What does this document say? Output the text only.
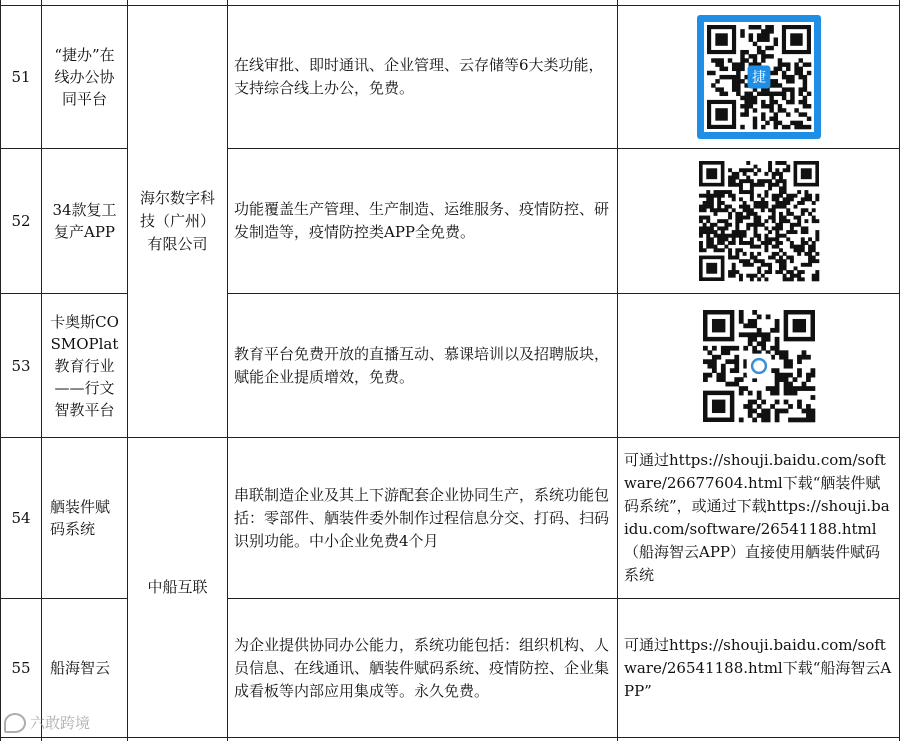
51
“捷办”在线办公协同平台
在线审批、即时通讯、企业管理、云存储等6大类功能，支持综合线上办公，免费。
捷
52
34款复工复产APP
功能覆盖生产管理、生产制造、运维服务、疫情防控、研发制造等，疫情防控类APP全免费。
53
卡奥斯COSMOPlat教育行业——行文智教平台
教育平台免费开放的直播互动、慕课培训以及招聘版块，赋能企业提质增效，免费。
海尔数字科技（广州）有限公司
54
舾装件赋码系统
串联制造企业及其上下游配套企业协同生产，系统功能包括：零部件、舾装件委外制作过程信息分交、打码、扫码识别功能。中小企业免费4个月
可通过https://shouji.baidu.com/software/26677604.html下载“舾装件赋码系统”，或通过下载https://shouji.baidu.com/software/26541188.html （船海智云APP）直接使用舾装件赋码系统
55	船海智云
为企业提供协同办公能力，系统功能包括：组织机构、人员信息、在线通讯、舾装件赋码系统、疫情防控、企业集成看板等内部应用集成等。永久免费。
可通过https://shouji.baidu.com/software/26541188.html下载“船海智云APP”
中船互联
六敢跨境
